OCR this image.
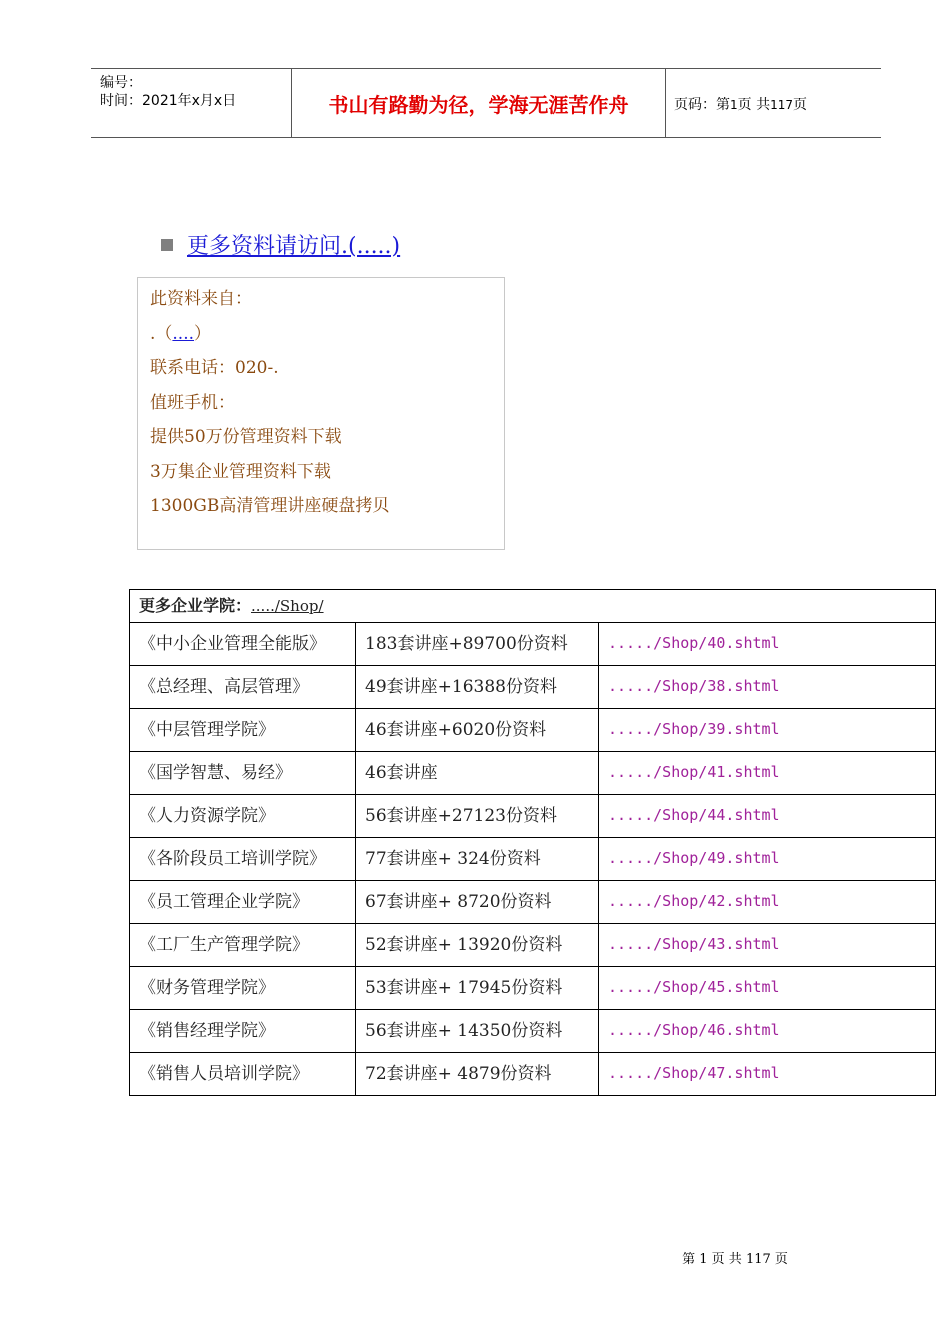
编号：
时间：2021年x月x日	书山有路勤为径，学海无涯苦作舟	页码：第1页 共117页
更多资料请访问.(.....)
此资料来自：
.（....）
联系电话：020-.
值班手机：
提供50万份管理资料下载
3万集企业管理资料下载
1300GB高清管理讲座硬盘拷贝
更多企业学院：...../Shop/		
《中小企业管理全能版》	183套讲座+89700份资料	...../Shop/40.shtml
《总经理、高层管理》	49套讲座+16388份资料	...../Shop/38.shtml
《中层管理学院》	46套讲座+6020份资料	...../Shop/39.shtml
《国学智慧、易经》	46套讲座	...../Shop/41.shtml
《人力资源学院》	56套讲座+27123份资料	...../Shop/44.shtml
《各阶段员工培训学院》	77套讲座+ 324份资料	...../Shop/49.shtml
《员工管理企业学院》	67套讲座+ 8720份资料	...../Shop/42.shtml
《工厂生产管理学院》	52套讲座+ 13920份资料	...../Shop/43.shtml
《财务管理学院》	53套讲座+ 17945份资料	...../Shop/45.shtml
《销售经理学院》	56套讲座+ 14350份资料	...../Shop/46.shtml
《销售人员培训学院》	72套讲座+ 4879份资料	...../Shop/47.shtml
第 1 页 共 117 页
